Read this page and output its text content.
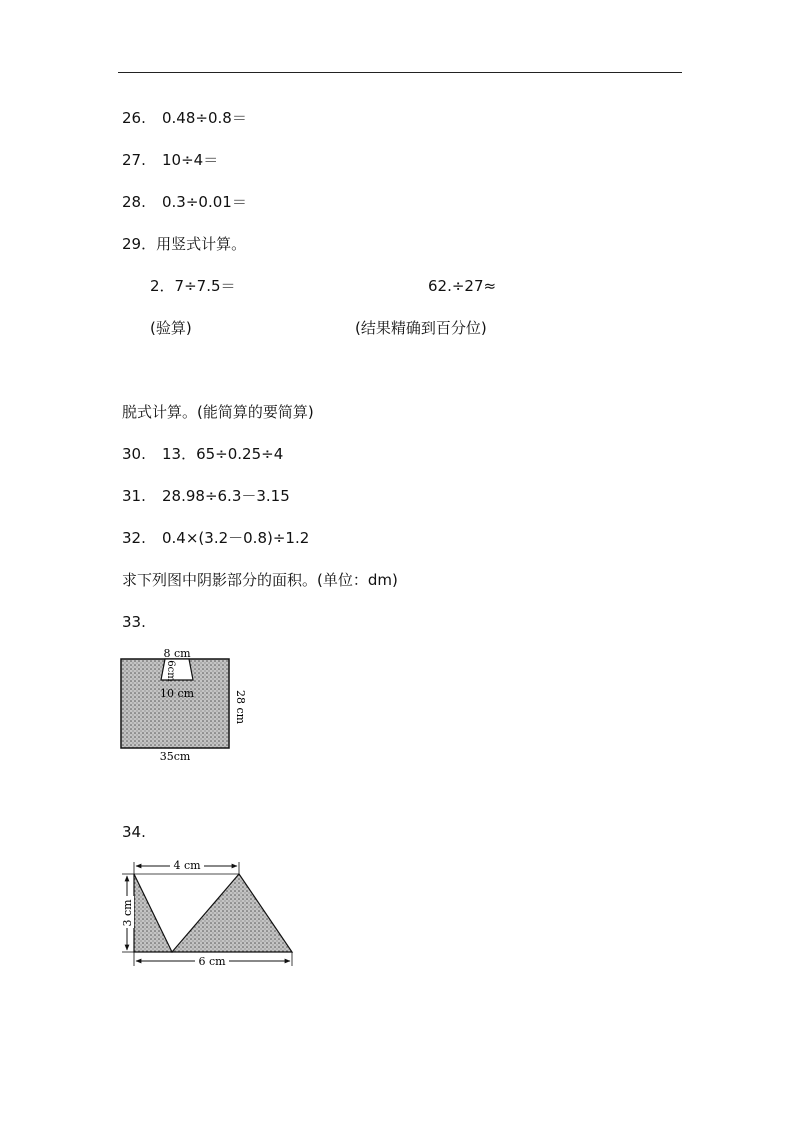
26. 0.48÷0.8＝
27. 10÷4＝
28. 0.3÷0.01＝
29．用竖式计算。
2．7÷7.5＝	62.÷27≈
(验算)	(结果精确到百分位)
脱式计算。(能简算的要简算)
30. 13．65÷0.25÷4
31. 28.98÷6.3－3.15
32. 0.4×(3.2－0.8)÷1.2
求下列图中阴影部分的面积。(单位：dm)
33.
8 cm
6cm
10 cm	28 cm
35cm
34.
4 cm
3 cm
6 cm
